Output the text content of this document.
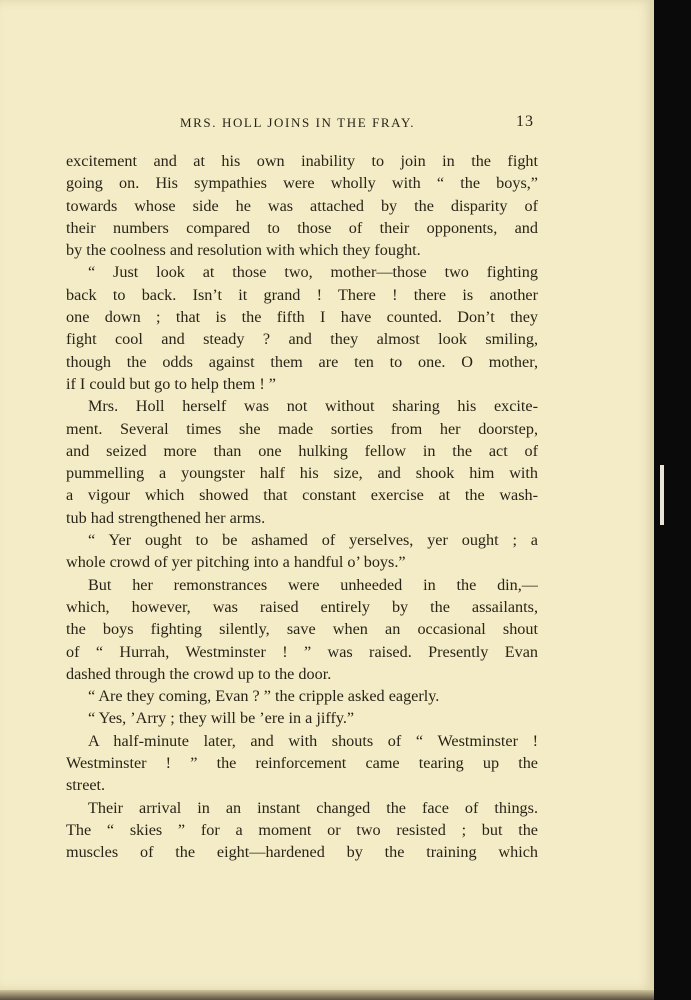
MRS. HOLL JOINS IN THE FRAY.	13
excitement and at his own inability to join in the fight
going on. His sympathies were wholly with “ the boys,”
towards whose side he was attached by the disparity of
their numbers compared to those of their opponents, and
by the coolness and resolution with which they fought.
“ Just look at those two, mother—those two fighting
back to back. Isn’t it grand ! There ! there is another
one down ; that is the fifth I have counted. Don’t they
fight cool and steady ? and they almost look smiling,
though the odds against them are ten to one. O mother,
if I could but go to help them ! ”
Mrs. Holl herself was not without sharing his excite-
ment. Several times she made sorties from her doorstep,
and seized more than one hulking fellow in the act of
pummelling a youngster half his size, and shook him with
a vigour which showed that constant exercise at the wash-
tub had strengthened her arms.
“ Yer ought to be ashamed of yerselves, yer ought ; a
whole crowd of yer pitching into a handful o’ boys.”
But her remonstrances were unheeded in the din,—
which, however, was raised entirely by the assailants,
the boys fighting silently, save when an occasional shout
of “ Hurrah, Westminster ! ” was raised. Presently Evan
dashed through the crowd up to the door.
“ Are they coming, Evan ? ” the cripple asked eagerly.
“ Yes, ’Arry ; they will be ’ere in a jiffy.”
A half-minute later, and with shouts of “ Westminster !
Westminster ! ” the reinforcement came tearing up the
street.
Their arrival in an instant changed the face of things.
The “ skies ” for a moment or two resisted ; but the
muscles of the eight—hardened by the training which
